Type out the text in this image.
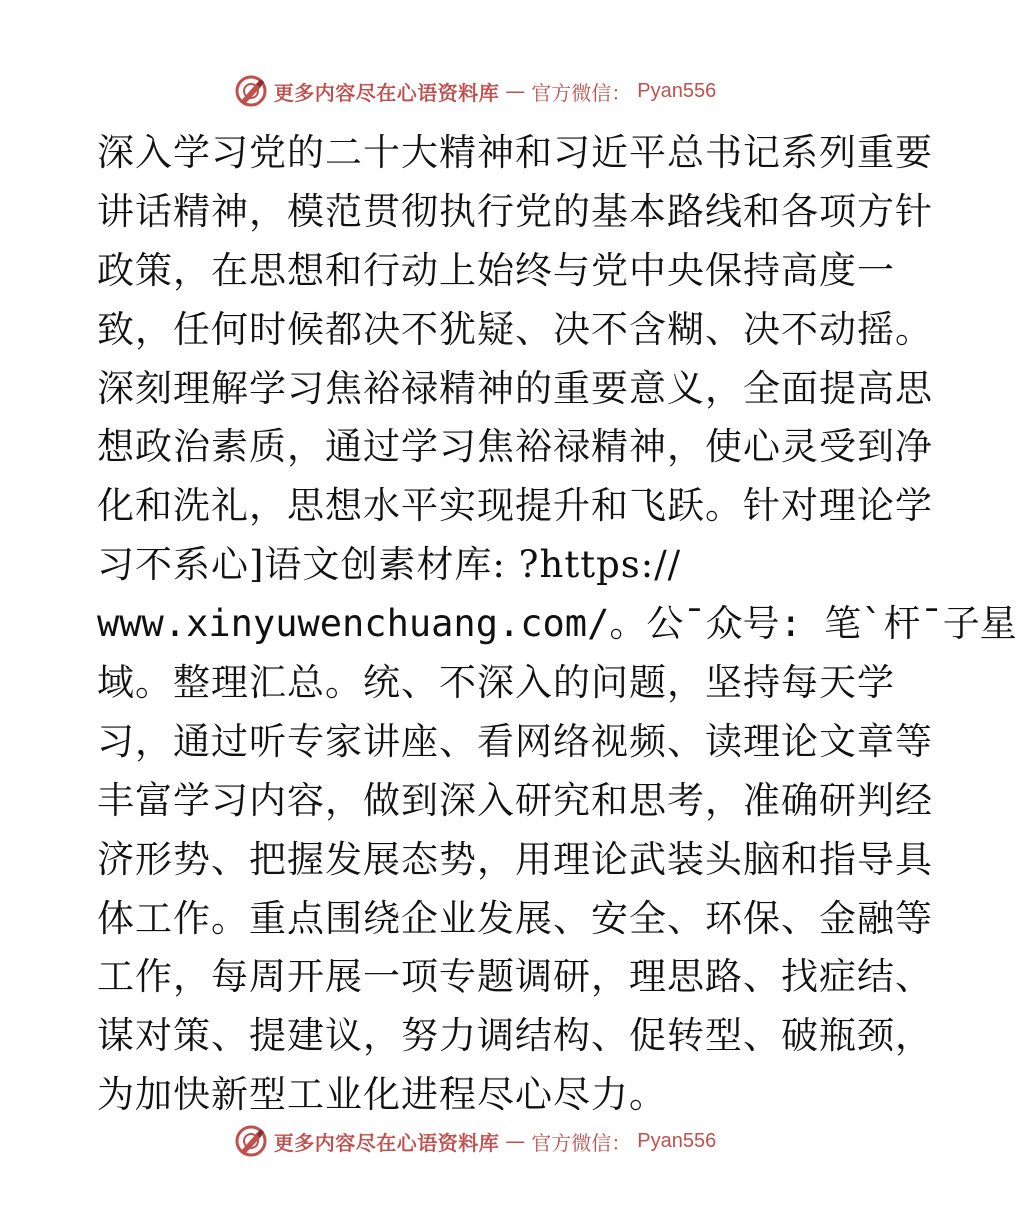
更多内容尽在心语资料库 — 官方微信： Pyan556
深入学习党的二十大精神和习近平总书记系列重要
讲话精神，模范贯彻执行党的基本路线和各项方针
政策，在思想和行动上始终与党中央保持高度一
致，任何时候都决不犹疑、决不含糊、决不动摇。
深刻理解学习焦裕禄精神的重要意义，全面提高思
想政治素质，通过学习焦裕禄精神，使心灵受到净
化和洗礼，思想水平实现提升和飞跃。针对理论学
习不系心]语文创素材库: ?https://
www.xinyuwenchuang.com/。公¯众号: 笔`杆¯子星
域。整理汇总。统、不深入的问题，坚持每天学
习，通过听专家讲座、看网络视频、读理论文章等
丰富学习内容，做到深入研究和思考，准确研判经
济形势、把握发展态势，用理论武装头脑和指导具
体工作。重点围绕企业发展、安全、环保、金融等
工作，每周开展一项专题调研，理思路、找症结、
谋对策、提建议，努力调结构、促转型、破瓶颈，
为加快新型工业化进程尽心尽力。
更多内容尽在心语资料库 — 官方微信： Pyan556
